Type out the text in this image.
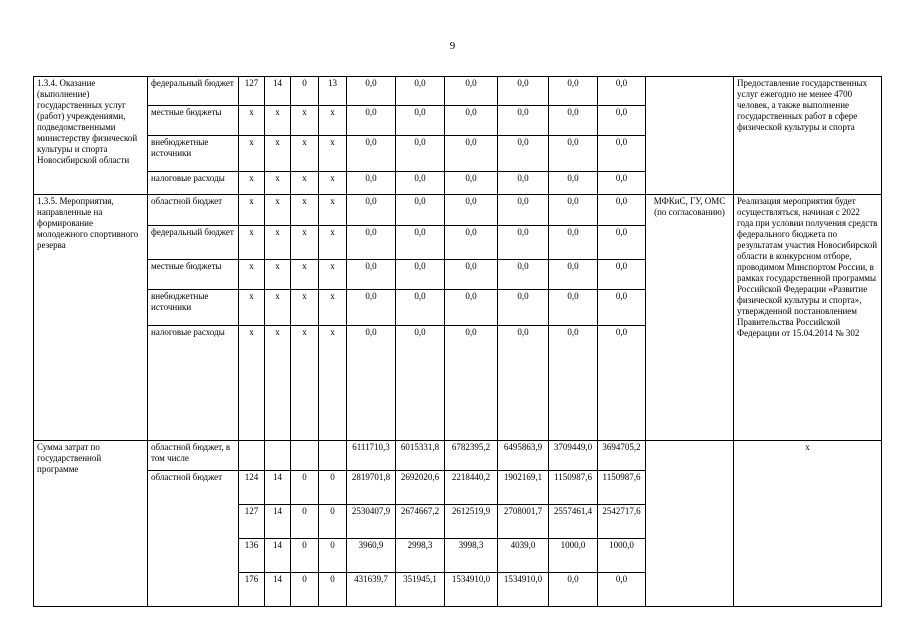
9
1.3.4. Оказание (выполнение) государственных услуг (работ) учреждениями, подведомственными министерству физической культуры и спорта Новосибирской области	федеральный бюджет	127	14	0	13	0,0	0,0	0,0	0,0	0,0	0,0		Предоставление государственных услуг ежегодно не менее 4700 человек, а также выполнение государственных работ в сфере физической культуры и спорта
	местные бюджеты	x	x	x	x	0,0	0,0	0,0	0,0	0,0	0,0		
	внебюджетные источники	x	x	x	x	0,0	0,0	0,0	0,0	0,0	0,0		
	налоговые расходы	x	x	x	x	0,0	0,0	0,0	0,0	0,0	0,0		
1.3.5. Мероприятия, направленные на формирование молодежного спортивного резерва	областной бюджет	x	x	x	x	0,0	0,0	0,0	0,0	0,0	0,0	МФКиС, ГУ, ОМС (по согласованию)	Реализация мероприятия будет осуществляться, начиная с 2022 года при условии получения средств федерального бюджета по результатам участия Новосибирской области в конкурсном отборе, проводимом Минспортом России, в рамках государственной программы Российской Федерации «Развитие физической культуры и спорта», утвержденной постановлением Правительства Российской Федерации от 15.04.2014 № 302
	федеральный бюджет	x	x	x	x	0,0	0,0	0,0	0,0	0,0	0,0		
	местные бюджеты	x	x	x	x	0,0	0,0	0,0	0,0	0,0	0,0		
	внебюджетные источники	x	x	x	x	0,0	0,0	0,0	0,0	0,0	0,0		
	налоговые расходы	x	x	x	x	0,0	0,0	0,0	0,0	0,0	0,0		
Сумма затрат по государственной программе	областной бюджет, в том числе					6111710,3	6015331,8	6782395,2	6495863,9	3709449,0	3694705,2		x
	областной бюджет	124	14	0	0	2819701,8	2692020,6	2218440,2	1902169,1	1150987,6	1150987,6		
		127	14	0	0	2530407,9	2674667,2	2612519,9	2708001,7	2557461,4	2542717,6		
		136	14	0	0	3960,9	2998,3	3998,3	4039,0	1000,0	1000,0		
		176	14	0	0	431639,7	351945,1	1534910,0	1534910,0	0,0	0,0		
